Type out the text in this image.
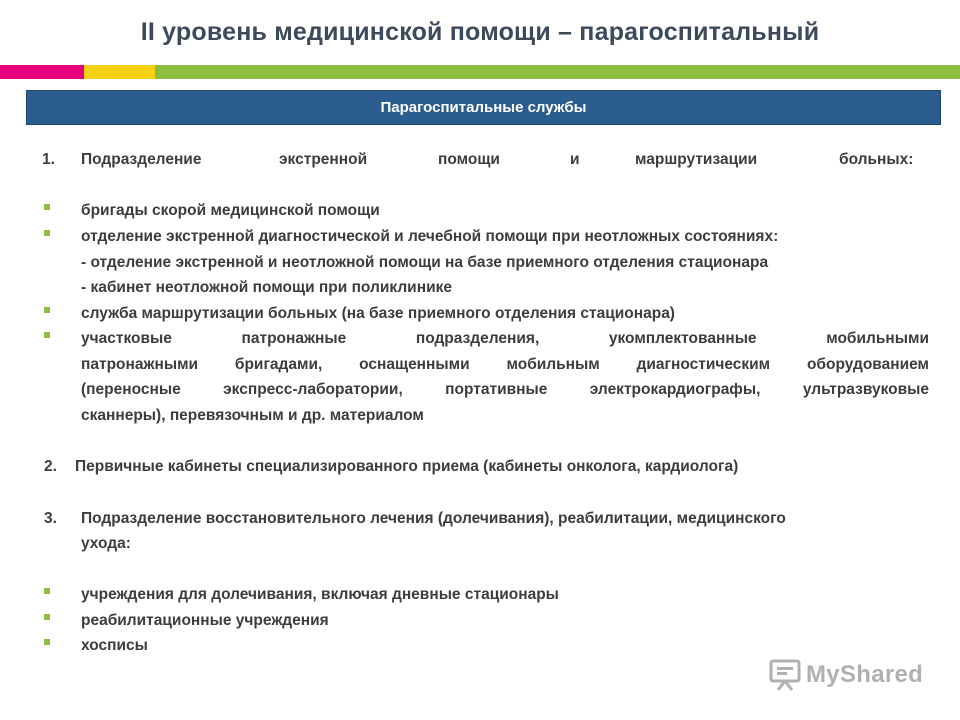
II уровень медицинской помощи – парагоспитальный
Парагоспитальные службы
1. Подразделение	экстренной	помощи	и	маршрутизации	больных:
бригады скорой медицинской помощи
отделение экстренной диагностической и лечебной помощи при неотложных состояниях:
- отделение экстренной и неотложной помощи на базе приемного отделения стационара
- кабинет неотложной помощи при поликлинике
служба маршрутизации больных (на базе приемного отделения стационара)
участковые патронажные подразделения, укомплектованные мобильными
патронажными бригадами, оснащенными мобильным диагностическим оборудованием
(переносные экспресс-лаборатории, портативные электрокардиографы, ультразвуковые
сканнеры), перевязочным и др. материалом
2. Первичные кабинеты специализированного приема (кабинеты онколога, кардиолога)
3. Подразделение восстановительного лечения (долечивания), реабилитации, медицинского
ухода:
учреждения для долечивания, включая дневные стационары
реабилитационные учреждения
хосписы
MyShared
